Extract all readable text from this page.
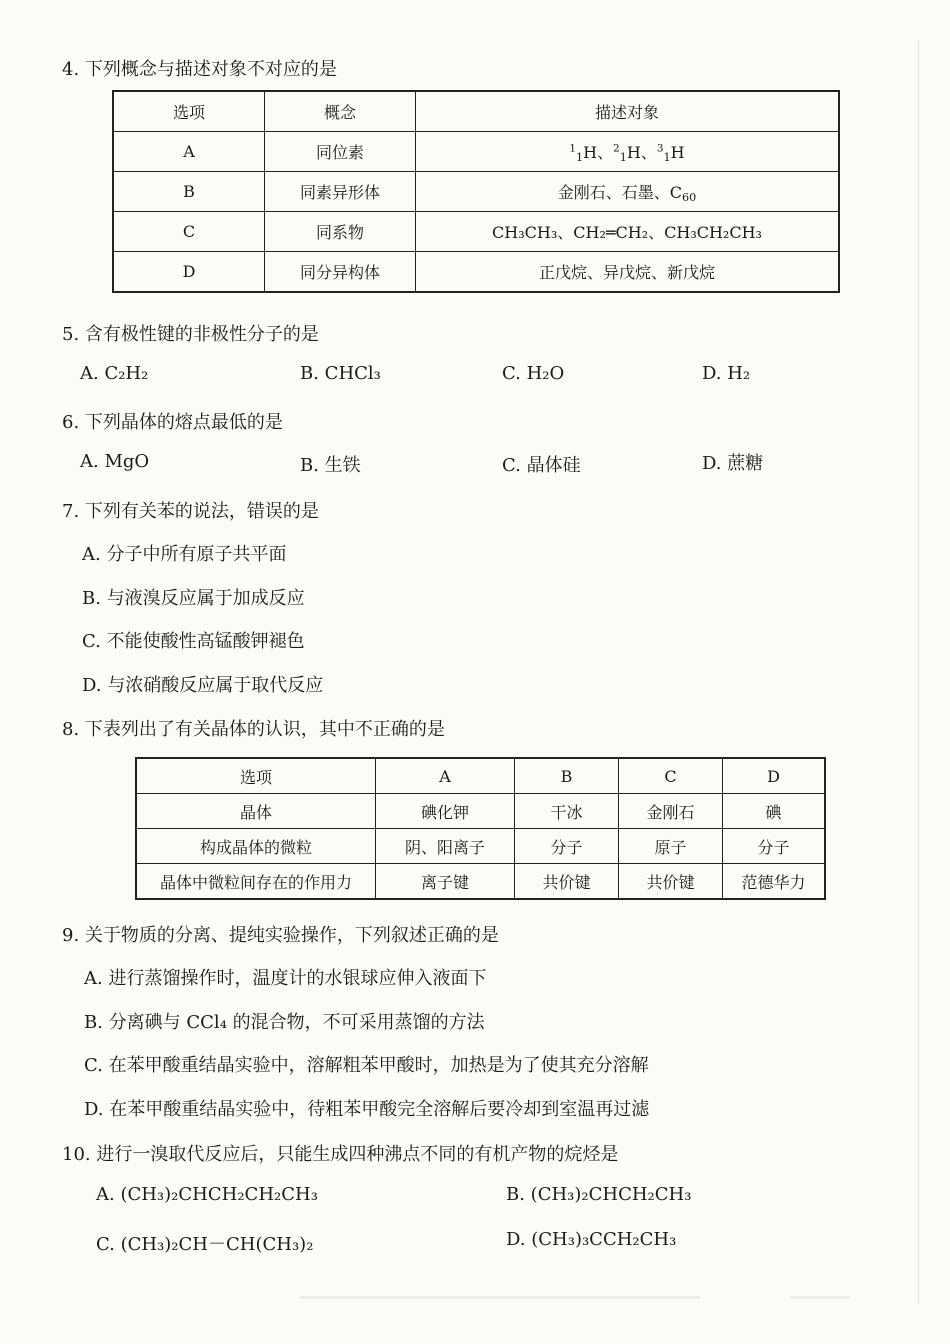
4. 下列概念与描述对象不对应的是
选项	概念	描述对象
A	同位素	$^1_1$H、$^2_1$H、$^3_1$H
B	同素异形体	金刚石、石墨、$C_{60}$
C	同系物	CH₃CH₃、CH₂═CH₂、CH₃CH₂CH₃
D	同分异构体	正戊烷、异戊烷、新戊烷
5. 含有极性键的非极性分子的是
A. C₂H₂	B. CHCl₃	C. H₂O	D. H₂
6. 下列晶体的熔点最低的是
A. MgO	B. 生铁	C. 晶体硅	D. 蔗糖
7. 下列有关苯的说法，错误的是
A. 分子中所有原子共平面
B. 与液溴反应属于加成反应
C. 不能使酸性高锰酸钾褪色
D. 与浓硝酸反应属于取代反应
8. 下表列出了有关晶体的认识，其中不正确的是
选项	A	B	C	D
晶体	碘化钾	干冰	金刚石	碘
构成晶体的微粒	阴、阳离子	分子	原子	分子
晶体中微粒间存在的作用力	离子键	共价键	共价键	范德华力
9. 关于物质的分离、提纯实验操作，下列叙述正确的是
A. 进行蒸馏操作时，温度计的水银球应伸入液面下
B. 分离碘与 CCl₄ 的混合物，不可采用蒸馏的方法
C. 在苯甲酸重结晶实验中，溶解粗苯甲酸时，加热是为了使其充分溶解
D. 在苯甲酸重结晶实验中，待粗苯甲酸完全溶解后要冷却到室温再过滤
10. 进行一溴取代反应后，只能生成四种沸点不同的有机产物的烷烃是
A. (CH₃)₂CHCH₂CH₂CH₃	B. (CH₃)₂CHCH₂CH₃
C. (CH₃)₂CH－CH(CH₃)₂	D. (CH₃)₃CCH₂CH₃
